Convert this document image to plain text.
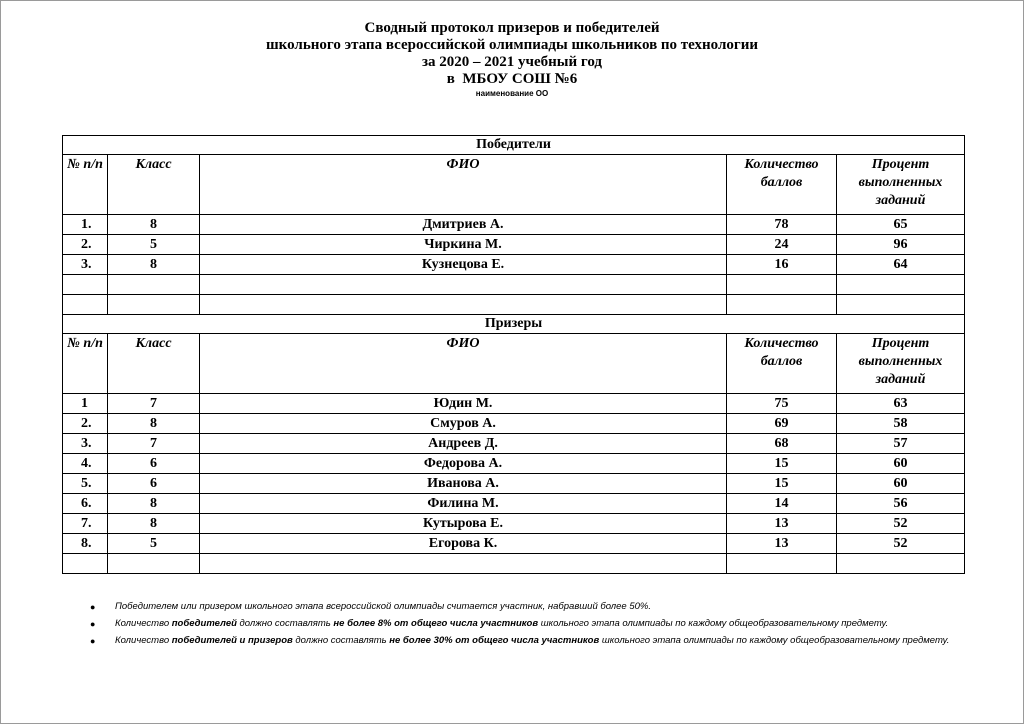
Сводный протокол призеров и победителей
школьного этапа всероссийской олимпиады школьников по технологии
за 2020 – 2021 учебный год
в  МБОУ СОШ №6
наименование ОО
Победители				
№ п/п	Класс	ФИО	Количество баллов	Процент выполненных заданий
1.	8	Дмитриев А.	78	65
2.	5	Чиркина М.	24	96
3.	8	Кузнецова Е.	16	64

Призеры				
№ п/п	Класс	ФИО	Количество баллов	Процент выполненных заданий
1	7	Юдин М.	75	63
2.	8	Смуров А.	69	58
3.	7	Андреев Д.	68	57
4.	6	Федорова А.	15	60
5.	6	Иванова А.	15	60
6.	8	Филина М.	14	56
7.	8	Кутырова Е.	13	52
8.	5	Егорова К.	13	52

● Победителем или призером школьного этапа всероссийской олимпиады считается участник, набравший более 50%.
● Количество победителей должно составлять не более 8% от общего числа участников школьного этапа олимпиады по каждому общеобразовательному предмету.
● Количество победителей и призеров должно составлять не более 30% от общего числа участников школьного этапа олимпиады по каждому общеобразовательному предмету.
